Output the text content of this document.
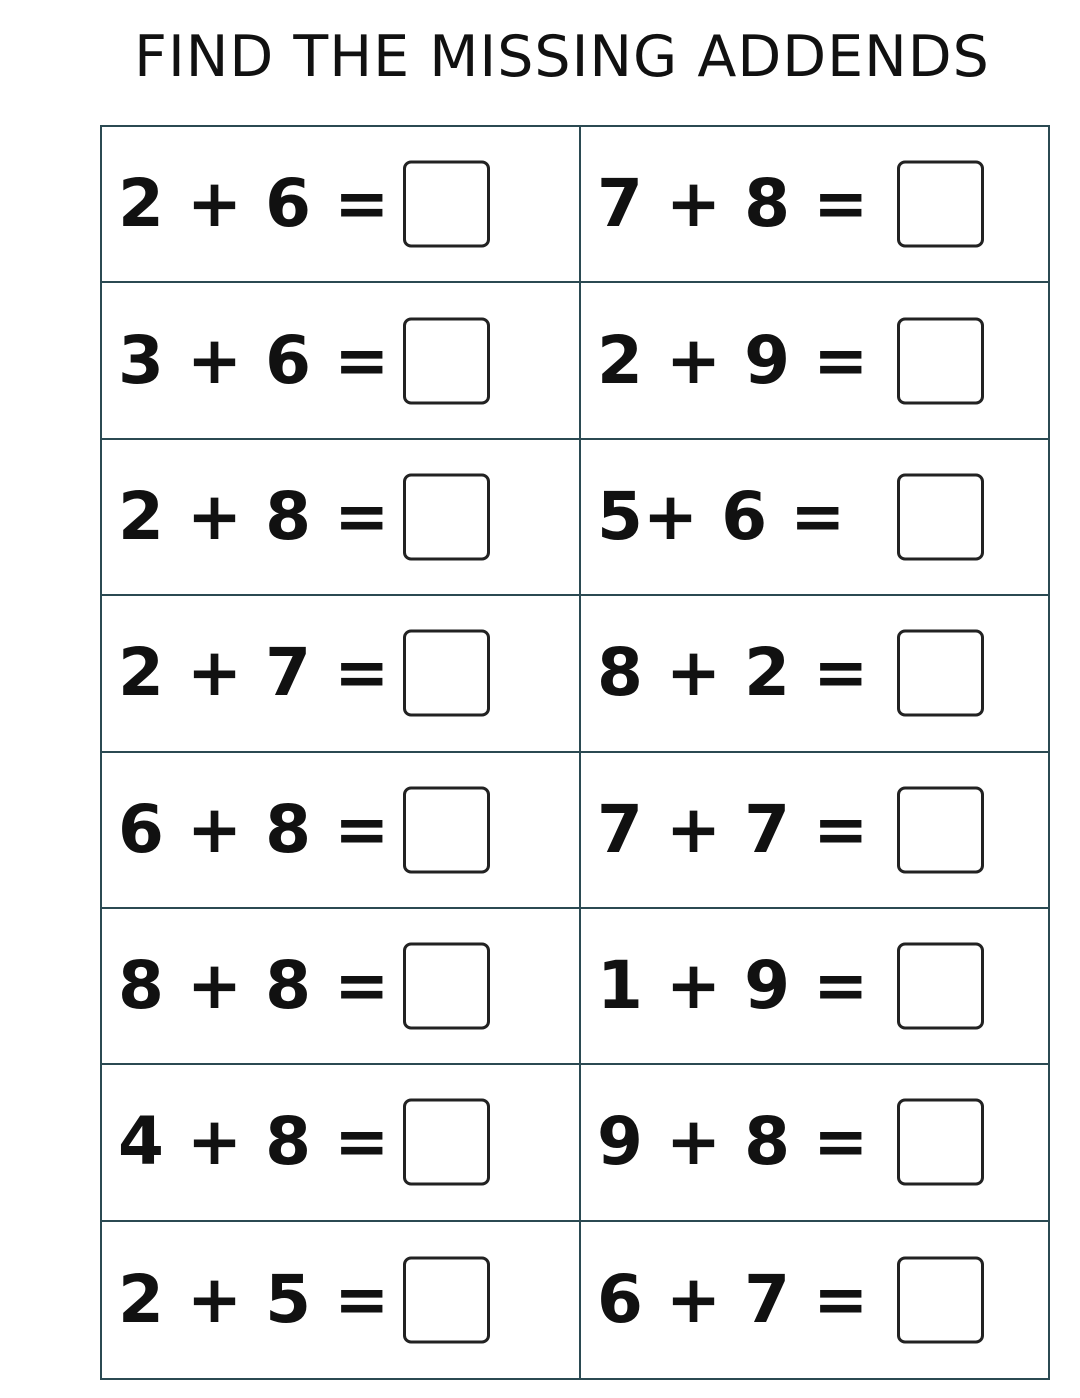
FIND THE MISSING ADDENDS
2 + 6 =	7 + 8 =
3 + 6 =	2 + 9 =
2 + 8 =	5+ 6 =
2 + 7 =	8 + 2 =
6 + 8 =	7 + 7 =
8 + 8 =	1 + 9 =
4 + 8 =	9 + 8 =
2 + 5 =	6 + 7 =
